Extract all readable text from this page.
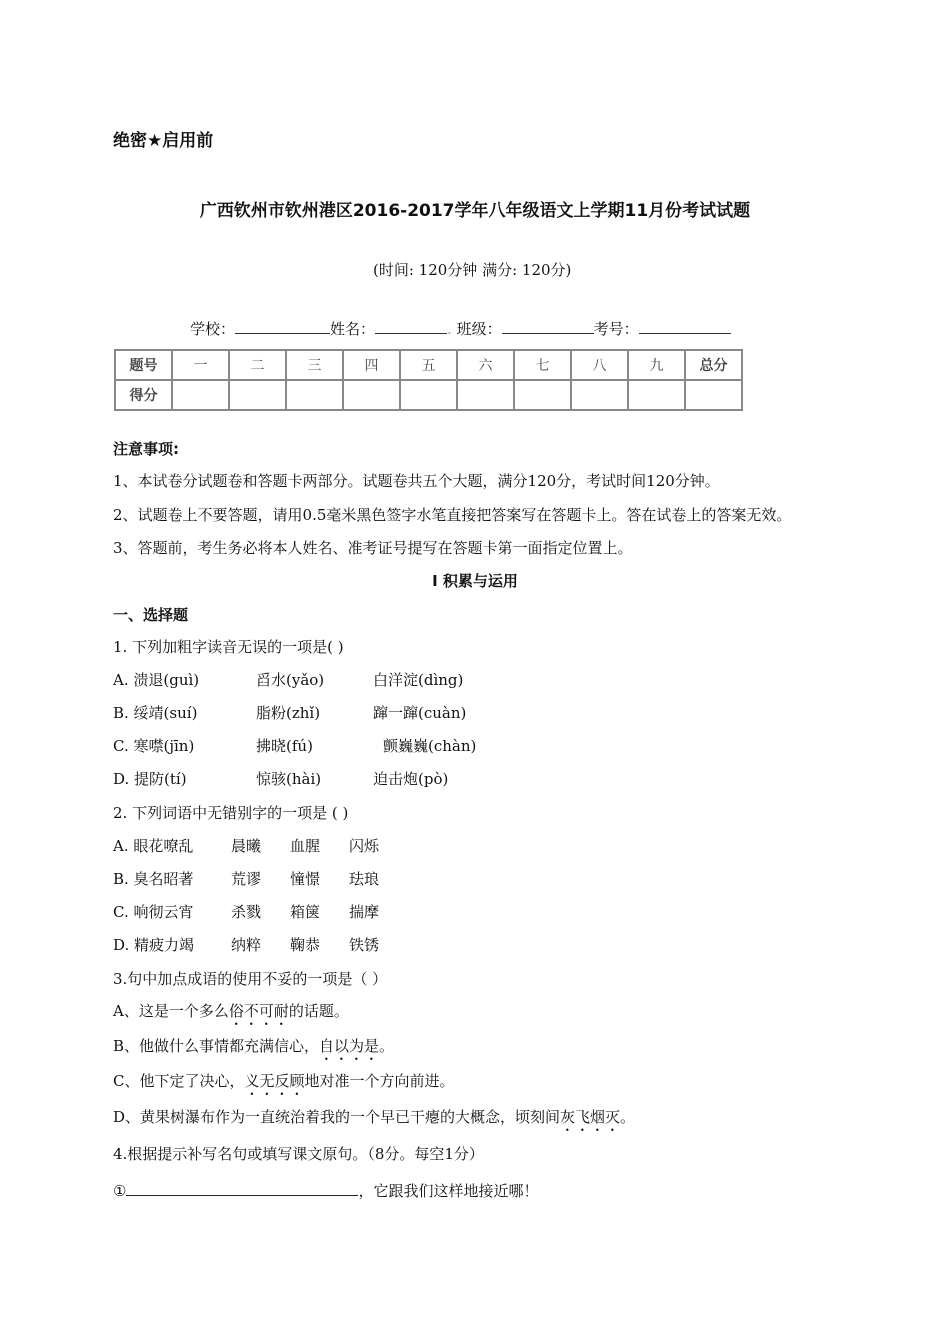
绝密★启用前
广西钦州市钦州港区2016-2017学年八年级语文上学期11月份考试试题
(时间: 120分钟 满分: 120分)
学校：	姓名：	. 班级：	考号：
题号	一	二	三	四	五	六	七	八	九	总分
得分										
注意事项:
1、本试卷分试题卷和答题卡两部分。试题卷共五个大题，满分120分，考试时间120分钟。
2、试题卷上不要答题，请用0.5毫米黑色签字水笔直接把答案写在答题卡上。答在试卷上的答案无效。
3、答题前，考生务必将本人姓名、准考证号提写在答题卡第一面指定位置上。
I 积累与运用
一、选择题
1. 下列加粗字读音无误的一项是( )
A. 溃退(guì)	舀水(yǎo)	白洋淀(dìng)
B. 绥靖(suí)	脂粉(zhǐ)	蹿一蹿(cuàn)
C. 寒噤(jīn)	拂晓(fú)	颤巍巍(chàn)
D. 提防(tí)	惊骇(hài)	迫击炮(pò)
2. 下列词语中无错别字的一项是 ( )
A. 眼花嘹乱	晨曦 血腥 闪烁
B. 臭名昭著 荒谬 憧憬 珐琅
C. 响彻云宵	杀戮 箱箧 揣摩
D. 精疲力竭 纳粹 鞠恭 铁锈
3.句中加点成语的使用不妥的一项是（ ）
A、这是一个多么俗不可耐的话题。
B、他做什么事情都充满信心，自以为是。
C、他下定了决心，义无反顾地对准一个方向前进。
D、黄果树瀑布作为一直统治着我的一个早已干瘪的大概念，顷刻间灰飞烟灭。
4.根据提示补写名句或填写课文原句。（8分。每空1分）
①	，它跟我们这样地接近哪！
